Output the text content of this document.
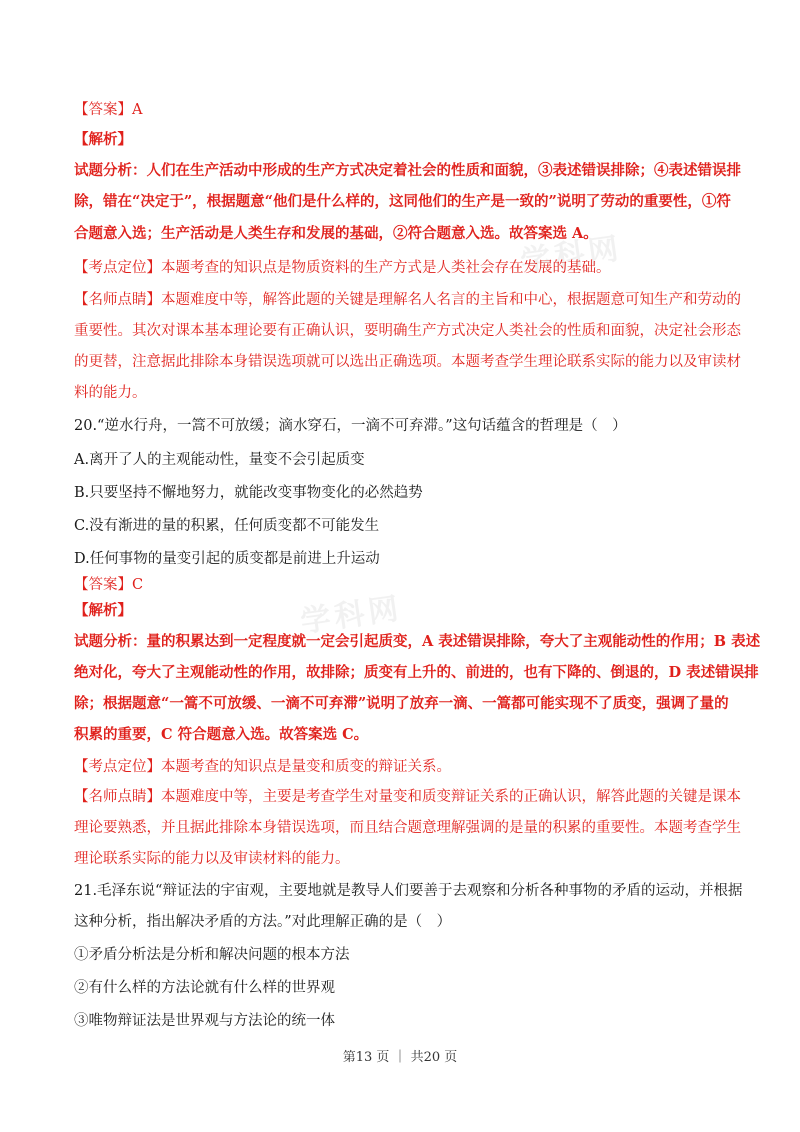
学科网
学科网
【答案】A
【解析】
试题分析：人们在生产活动中形成的生产方式决定着社会的性质和面貌，③表述错误排除；④表述错误排
除，错在“决定于”，根据题意“他们是什么样的，这同他们的生产是一致的”说明了劳动的重要性，①符
合题意入选；生产活动是人类生存和发展的基础，②符合题意入选。故答案选 A。
【考点定位】本题考查的知识点是物质资料的生产方式是人类社会存在发展的基础。
【名师点睛】本题难度中等，解答此题的关键是理解名人名言的主旨和中心，根据题意可知生产和劳动的
重要性。其次对课本基本理论要有正确认识，要明确生产方式决定人类社会的性质和面貌，决定社会形态
的更替，注意据此排除本身错误选项就可以选出正确选项。本题考查学生理论联系实际的能力以及审读材
料的能力。
20.“逆水行舟，一篙不可放缓；滴水穿石，一滴不可弃滞。”这句话蕴含的哲理是（　）
A.离开了人的主观能动性，量变不会引起质变
B.只要坚持不懈地努力，就能改变事物变化的必然趋势
C.没有渐进的量的积累，任何质变都不可能发生
D.任何事物的量变引起的质变都是前进上升运动
【答案】C
【解析】
试题分析：量的积累达到一定程度就一定会引起质变，A 表述错误排除，夸大了主观能动性的作用；B 表述
绝对化，夸大了主观能动性的作用，故排除；质变有上升的、前进的，也有下降的、倒退的，D 表述错误排
除；根据题意“一篙不可放缓、一滴不可弃滞”说明了放弃一滴、一篙都可能实现不了质变，强调了量的
积累的重要，C 符合题意入选。故答案选 C。
【考点定位】本题考查的知识点是量变和质变的辩证关系。
【名师点睛】本题难度中等，主要是考查学生对量变和质变辩证关系的正确认识，解答此题的关键是课本
理论要熟悉，并且据此排除本身错误选项，而且结合题意理解强调的是量的积累的重要性。本题考查学生
理论联系实际的能力以及审读材料的能力。
21.毛泽东说“辩证法的宇宙观，主要地就是教导人们要善于去观察和分析各种事物的矛盾的运动，并根据
这种分析，指出解决矛盾的方法。”对此理解正确的是（　）
①矛盾分析法是分析和解决问题的根本方法
②有什么样的方法论就有什么样的世界观
③唯物辩证法是世界观与方法论的统一体
第13 页 ｜ 共20 页
